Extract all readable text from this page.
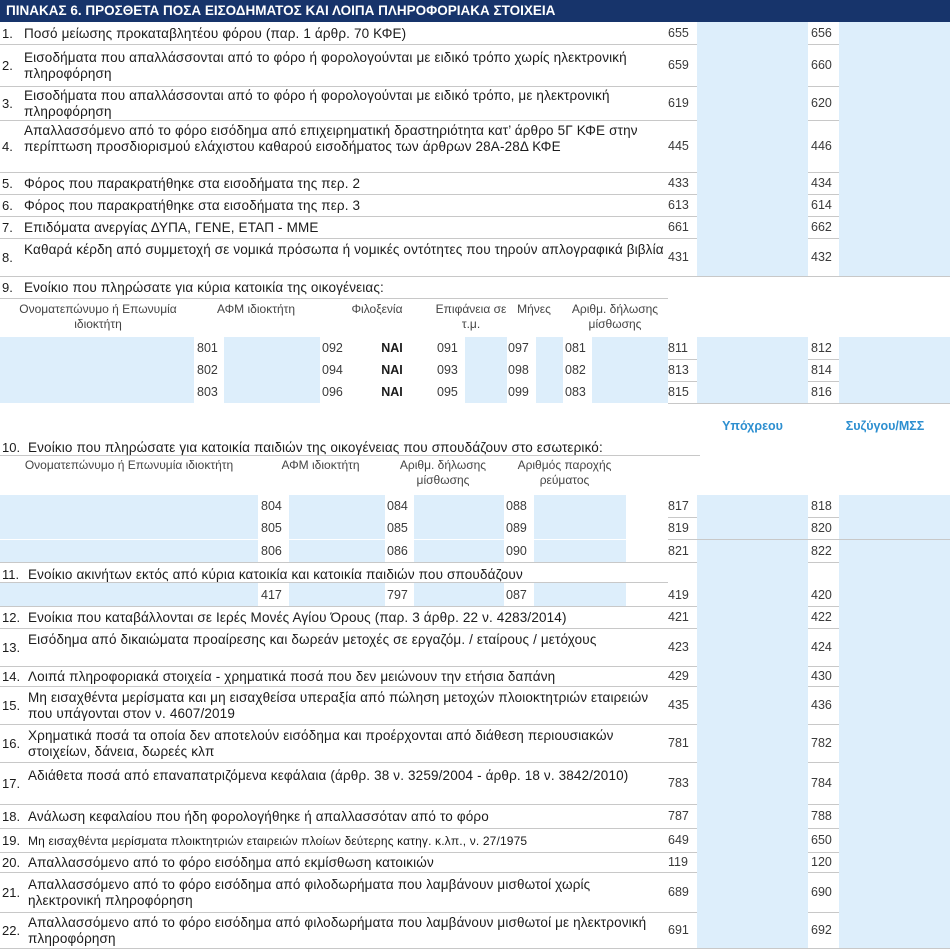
ΠΙΝΑΚΑΣ 6. ΠΡΟΣΘΕΤΑ ΠΟΣΑ ΕΙΣΟΔΗΜΑΤΟΣ ΚΑΙ ΛΟΙΠΑ ΠΛΗΡΟΦΟΡΙΑΚΑ ΣΤΟΙΧΕΙΑ
1. Ποσό μείωσης προκαταβλητέου φόρου (παρ. 1 άρθρ. 70 ΚΦΕ)	655	656
2.
Εισοδήματα που απαλλάσσονται από το φόρο ή φορολογούνται με ειδικό τρόπο χωρίς ηλεκτρονική πληροφόρηση
659	660
3.
Εισοδήματα που απαλλάσσονται από το φόρο ή φορολογούνται με ειδικό τρόπο, με ηλεκτρονική πληροφόρηση
619	620
4.
Απαλλασσόμενο από το φόρο εισόδημα από επιχειρηματική δραστηριότητα κατ’ άρθρο 5Γ ΚΦΕ στην περίπτωση προσδιορισμού ελάχιστου καθαρού εισοδήματος των άρθρων 28Α-28Δ ΚΦΕ	445	446
5. Φόρος που παρακρατήθηκε στα εισοδήματα της περ. 2	433	434
6. Φόρος που παρακρατήθηκε στα εισοδήματα της περ. 3	613	614
7. Επιδόματα ανεργίας ΔΥΠΑ, ΓΕΝΕ, ΕΤΑΠ - ΜΜΕ	661	662
8.
Καθαρά κέρδη από συμμετοχή σε νομικά πρόσωπα ή νομικές οντότητες που τηρούν απλογραφικά βιβλία 431	432
9. Ενοίκιο που πληρώσατε για κύρια κατοικία της οικογένειας:
Ονοματεπώνυμο ή Επωνυμία ιδιοκτήτη
ΑΦΜ ιδιοκτήτη	Φιλοξενία	Επιφάνεια σε τ.μ.
Μήνες	Αριθμ. δήλωσης μίσθωσης
801	092	ΝΑΙ	091	097	081	811	812
802	094	ΝΑΙ	093	098	082	813	814
803	096	ΝΑΙ	095	099	083	815	816
Υπόχρεου	Συζύγου/ΜΣΣ
10. Ενοίκιο που πληρώσατε για κατοικία παιδιών της οικογένειας που σπουδάζουν στο εσωτερικό:
Ονοματεπώνυμο ή Επωνυμία ιδιοκτήτη	ΑΦΜ ιδιοκτήτη	Αριθμ. δήλωσης μίσθωσης
Αριθμός παροχής ρεύματος
804	084	088	817	818
805	085	089	819	820
806	086	090	821	822
11. Ενοίκιο ακινήτων εκτός από κύρια κατοικία και κατοικία παιδιών που σπουδάζουν
417	797	087	419	420
12. Ενοίκια που καταβάλλονται σε Ιερές Μονές Αγίου Όρους (παρ. 3 άρθρ. 22 ν. 4283/2014)	421	422
13.
Εισόδημα από δικαιώματα προαίρεσης και δωρεάν μετοχές σε εργαζόμ. / εταίρους / μετόχους	423	424
14. Λοιπά πληροφοριακά στοιχεία - χρηματικά ποσά που δεν μειώνουν την ετήσια δαπάνη	429	430
15.
Μη εισαχθέντα μερίσματα και μη εισαχθείσα υπεραξία από πώληση μετοχών πλοιοκτητριών εταιρειών που υπάγονται στον ν. 4607/2019
435	436
16.
Χρηματικά ποσά τα οποία δεν αποτελούν εισόδημα και προέρχονται από διάθεση περιουσιακών στοιχείων, δάνεια, δωρεές κλπ
781	782
17.
Αδιάθετα ποσά από επαναπατριζόμενα κεφάλαια (άρθρ. 38 ν. 3259/2004 - άρθρ. 18 ν. 3842/2010)	783	784
18. Ανάλωση κεφαλαίου που ήδη φορολογήθηκε ή απαλλασσόταν από το φόρο	787	788
19. Μη εισαχθέντα μερίσματα πλοικτητριών εταιρειών πλοίων δεύτερης κατηγ. κ.λπ., ν. 27/1975	649	650
20. Απαλλασσόμενο από το φόρο εισόδημα από εκμίσθωση κατοικιών	119	120
21.
Απαλλασσόμενο από το φόρο εισόδημα από φιλοδωρήματα που λαμβάνουν μισθωτοί χωρίς ηλεκτρονική πληροφόρηση
689	690
22.
Απαλλασσόμενο από το φόρο εισόδημα από φιλοδωρήματα που λαμβάνουν μισθωτοί με ηλεκτρονική πληροφόρηση
691	692
